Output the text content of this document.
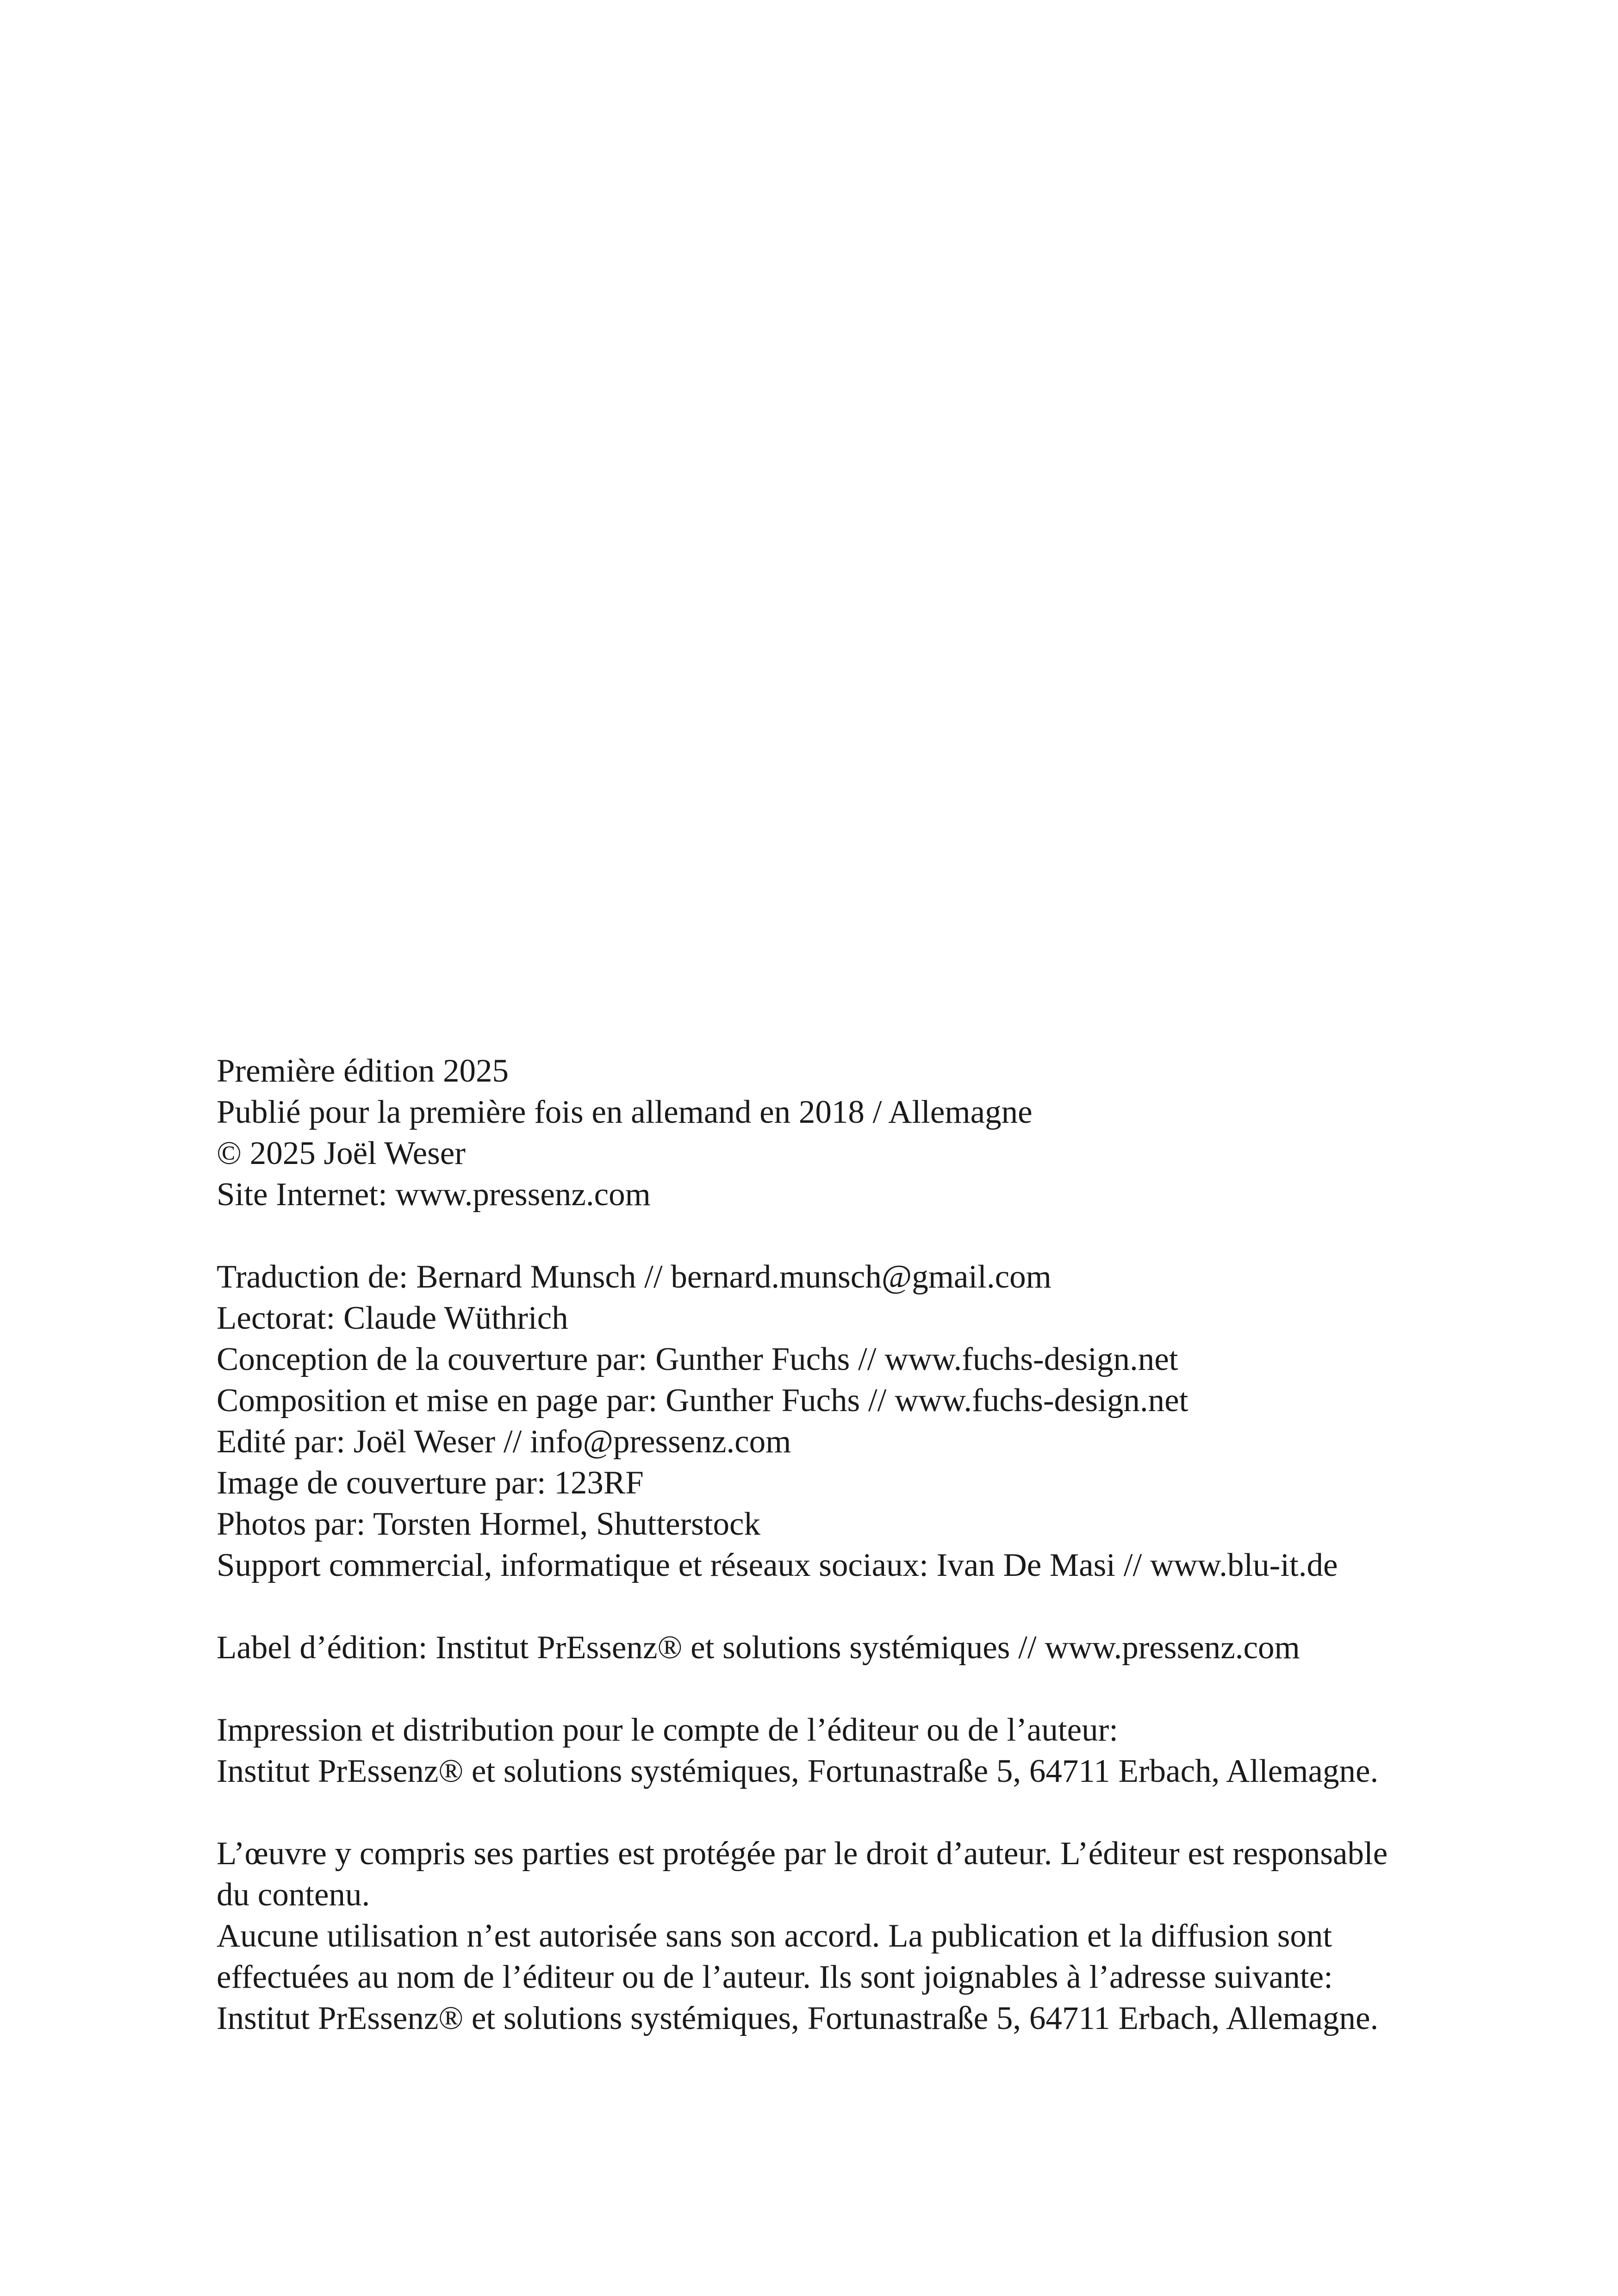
Première édition 2025
Publié pour la première fois en allemand en 2018 / Allemagne
© 2025 Joël Weser
Site Internet: www.pressenz.com
Traduction de: Bernard Munsch // bernard.munsch@gmail.com
Lectorat: Claude Wüthrich
Conception de la couverture par: Gunther Fuchs // www.fuchs-design.net
Composition et mise en page par: Gunther Fuchs // www.fuchs-design.net
Edité par: Joël Weser // info@pressenz.com
Image de couverture par: 123RF
Photos par: Torsten Hormel, Shutterstock
Support commercial, informatique et réseaux sociaux: Ivan De Masi // www.blu-it.de
Label d’édition: Institut PrEssenz® et solutions systémiques // www.pressenz.com
Impression et distribution pour le compte de l’éditeur ou de l’auteur:
Institut PrEssenz® et solutions systémiques, Fortunastraße 5, 64711 Erbach, Allemagne.
L’œuvre y compris ses parties est protégée par le droit d’auteur. L’éditeur est responsable
du contenu.
Aucune utilisation n’est autorisée sans son accord. La publication et la diffusion sont
effectuées au nom de l’éditeur ou de l’auteur. Ils sont joignables à l’adresse suivante:
Institut PrEssenz® et solutions systémiques, Fortunastraße 5, 64711 Erbach, Allemagne.
